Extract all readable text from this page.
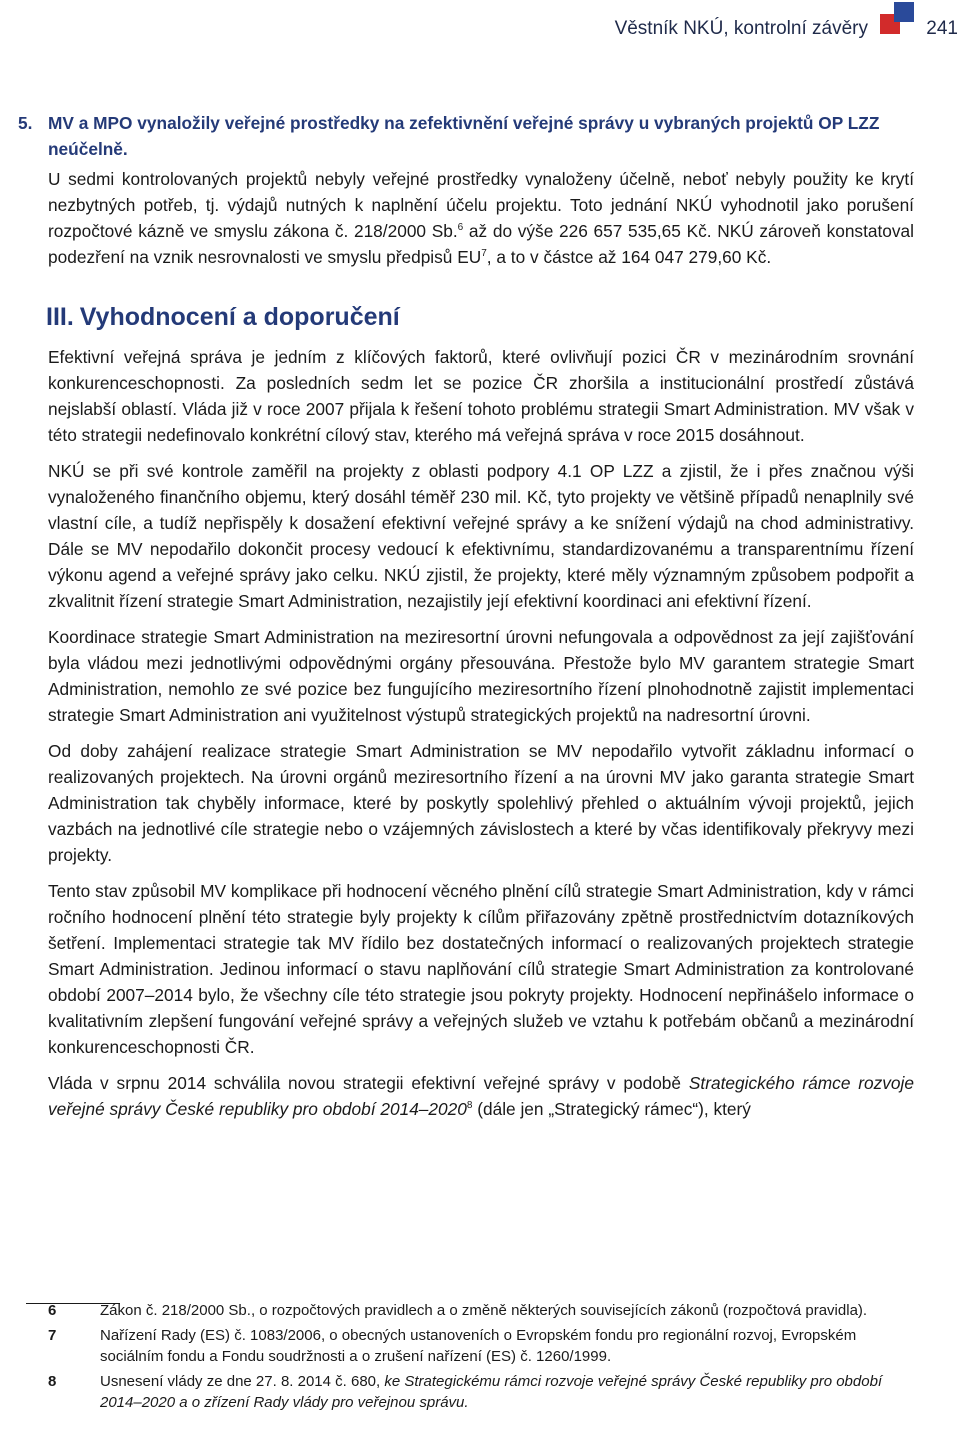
Věstník NKÚ, kontrolní závěry	241
5. MV a MPO vynaložily veřejné prostředky na zefektivnění veřejné správy u vybraných projektů OP LZZ neúčelně.

U sedmi kontrolovaných projektů nebyly veřejné prostředky vynaloženy účelně, neboť nebyly použity ke krytí nezbytných potřeb, tj. výdajů nutných k naplnění účelu projektu. Toto jednání NKÚ vyhodnotil jako porušení rozpočtové kázně ve smyslu zákona č. 218/2000 Sb.$^6$ až do výše 226 657 535,65 Kč. NKÚ zároveň konstatoval podezření na vznik nesrovnalosti ve smyslu předpisů $EU^7$, a to v částce až 164 047 279,60 Kč.

III. Vyhodnocení a doporučení

Efektivní veřejná správa je jedním z klíčových faktorů, které ovlivňují pozici ČR v mezinárodním srovnání konkurenceschopnosti. Za posledních sedm let se pozice ČR zhoršila a institucionální prostředí zůstává nejslabší oblastí. Vláda již v roce 2007 přijala k řešení tohoto problému strategii Smart Administration. MV však v této strategii nedefinovalo konkrétní cílový stav, kterého má veřejná správa v roce 2015 dosáhnout.

NKÚ se při své kontrole zaměřil na projekty z oblasti podpory 4.1 OP LZZ a zjistil, že i přes značnou výši vynaloženého finančního objemu, který dosáhl téměř 230 mil. Kč, tyto projekty ve většině případů nenaplnily své vlastní cíle, a tudíž nepřispěly k dosažení efektivní veřejné správy a ke snížení výdajů na chod administrativy. Dále se MV nepodařilo dokončit procesy vedoucí k efektivnímu, standardizovanému a transparentnímu řízení výkonu agend a veřejné správy jako celku. NKÚ zjistil, že projekty, které měly významným způsobem podpořit a zkvalitnit řízení strategie Smart Administration, nezajistily její efektivní koordinaci ani efektivní řízení.

Koordinace strategie Smart Administration na meziresortní úrovni nefungovala a odpovědnost za její zajišťování byla vládou mezi jednotlivými odpovědnými orgány přesouvána. Přestože bylo MV garantem strategie Smart Administration, nemohlo ze své pozice bez fungujícího meziresortního řízení plnohodnotně zajistit implementaci strategie Smart Administration ani využitelnost výstupů strategických projektů na nadresortní úrovni.

Od doby zahájení realizace strategie Smart Administration se MV nepodařilo vytvořit základnu informací o realizovaných projektech. Na úrovni orgánů meziresortního řízení a na úrovni MV jako garanta strategie Smart Administration tak chyběly informace, které by poskytly spolehlivý přehled o aktuálním vývoji projektů, jejich vazbách na jednotlivé cíle strategie nebo o vzájemných závislostech a které by včas identifikovaly překryvy mezi projekty.

Tento stav způsobil MV komplikace při hodnocení věcného plnění cílů strategie Smart Administration, kdy v rámci ročního hodnocení plnění této strategie byly projekty k cílům přiřazovány zpětně prostřednictvím dotazníkových šetření. Implementaci strategie tak MV řídilo bez dostatečných informací o realizovaných projektech strategie Smart Administration. Jedinou informací o stavu naplňování cílů strategie Smart Administration za kontrolované období 2007–2014 bylo, že všechny cíle této strategie jsou pokryty projekty. Hodnocení nepřinášelo informace o kvalitativním zlepšení fungování veřejné správy a veřejných služeb ve vztahu k potřebám občanů a mezinárodní konkurenceschopnosti ČR.

Vláda v srpnu 2014 schválila novou strategii efektivní veřejné správy v podobě Strategického rámce rozvoje veřejné správy České republiky pro období 2014–2020$^8$ (dále jen „Strategický rámec“), který

6	Zákon č. 218/2000 Sb., o rozpočtových pravidlech a o změně některých souvisejících zákonů (rozpočtová pravidla).
7	Nařízení Rady (ES) č. 1083/2006, o obecných ustanoveních o Evropském fondu pro regionální rozvoj, Evropském sociálním fondu a Fondu soudržnosti a o zrušení nařízení (ES) č. 1260/1999.
8	Usnesení vlády ze dne 27. 8. 2014 č. 680, ke Strategickému rámci rozvoje veřejné správy České republiky pro období 2014–2020 a o zřízení Rady vlády pro veřejnou správu.
